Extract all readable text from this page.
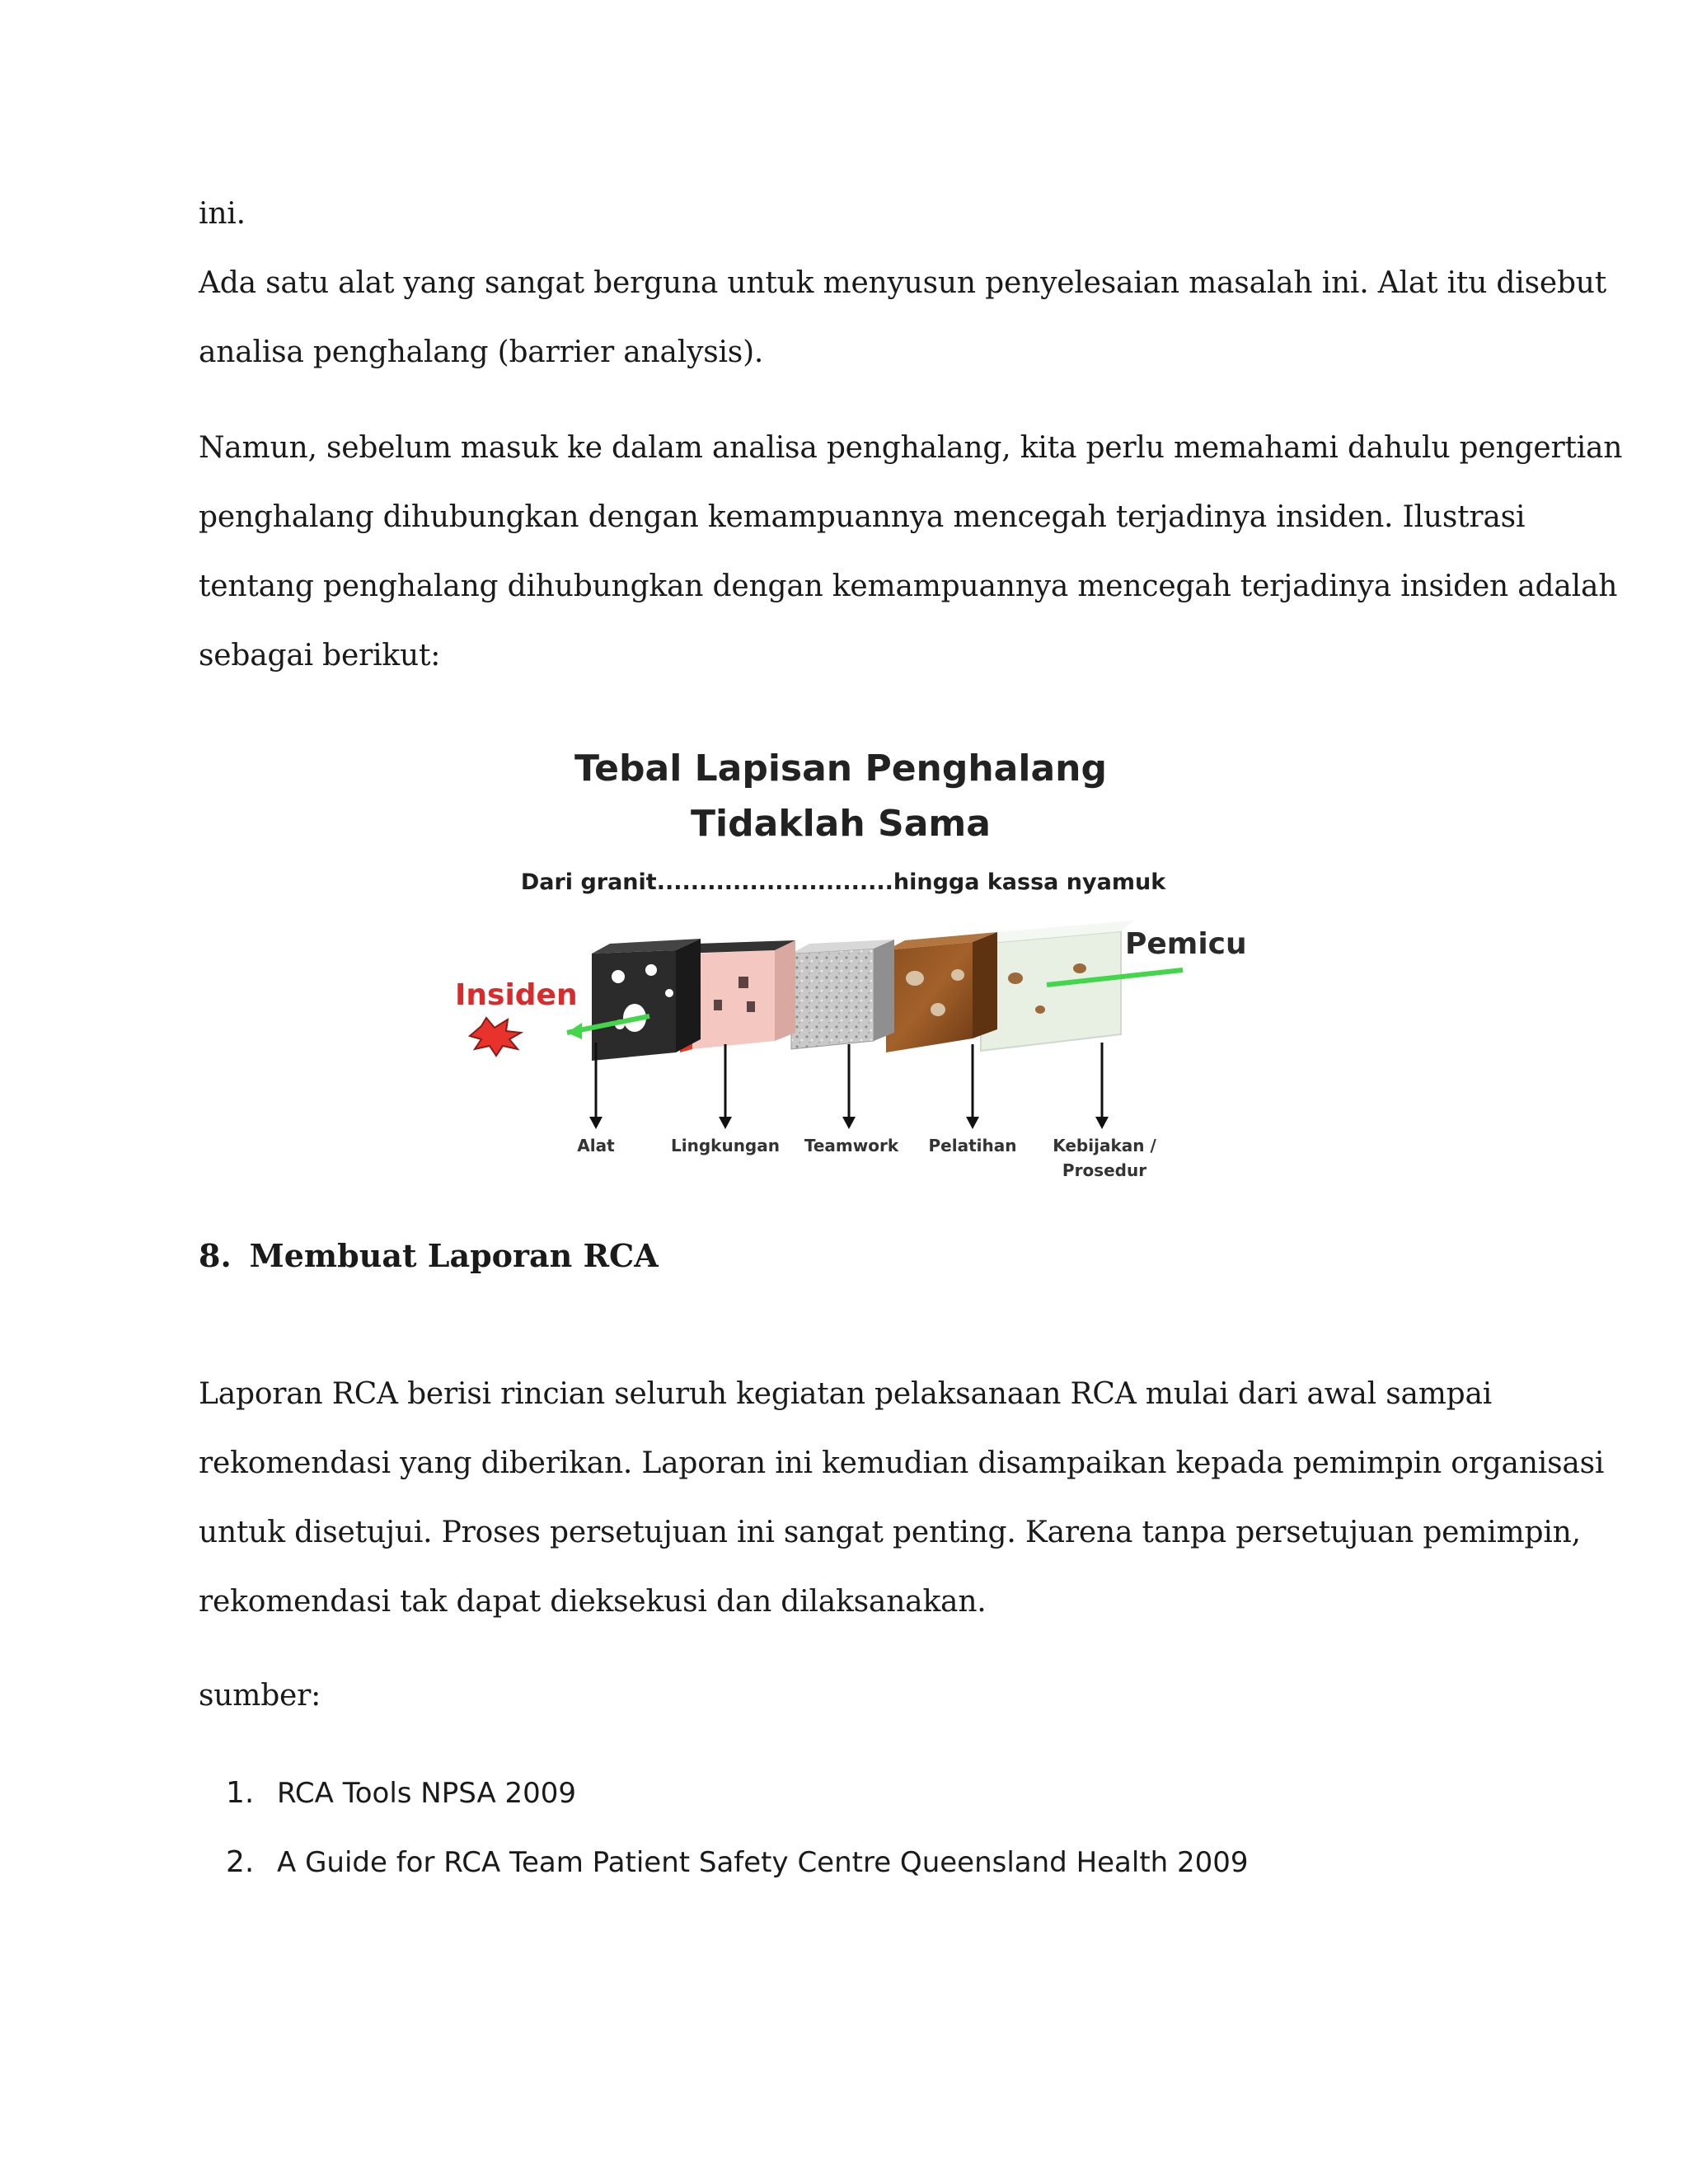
ini.
Ada satu alat yang sangat berguna untuk menyusun penyelesaian masalah ini. Alat itu disebut
analisa penghalang (barrier analysis).
Namun, sebelum masuk ke dalam analisa penghalang, kita perlu memahami dahulu pengertian
penghalang dihubungkan dengan kemampuannya mencegah terjadinya insiden. Ilustrasi
tentang penghalang dihubungkan dengan kemampuannya mencegah terjadinya insiden adalah
sebagai berikut:
Tebal Lapisan Penghalang
Tidaklah Sama
Dari granit............................hingga kassa nyamuk
Insiden
Pemicu
Alat	Lingkungan Teamwork Pelatihan Kebijakan /
Prosedur
8. Membuat Laporan RCA
Laporan RCA berisi rincian seluruh kegiatan pelaksanaan RCA mulai dari awal sampai
rekomendasi yang diberikan. Laporan ini kemudian disampaikan kepada pemimpin organisasi
untuk disetujui. Proses persetujuan ini sangat penting. Karena tanpa persetujuan pemimpin,
rekomendasi tak dapat dieksekusi dan dilaksanakan.
sumber:
1. RCA Tools NPSA 2009
2. A Guide for RCA Team Patient Safety Centre Queensland Health 2009
